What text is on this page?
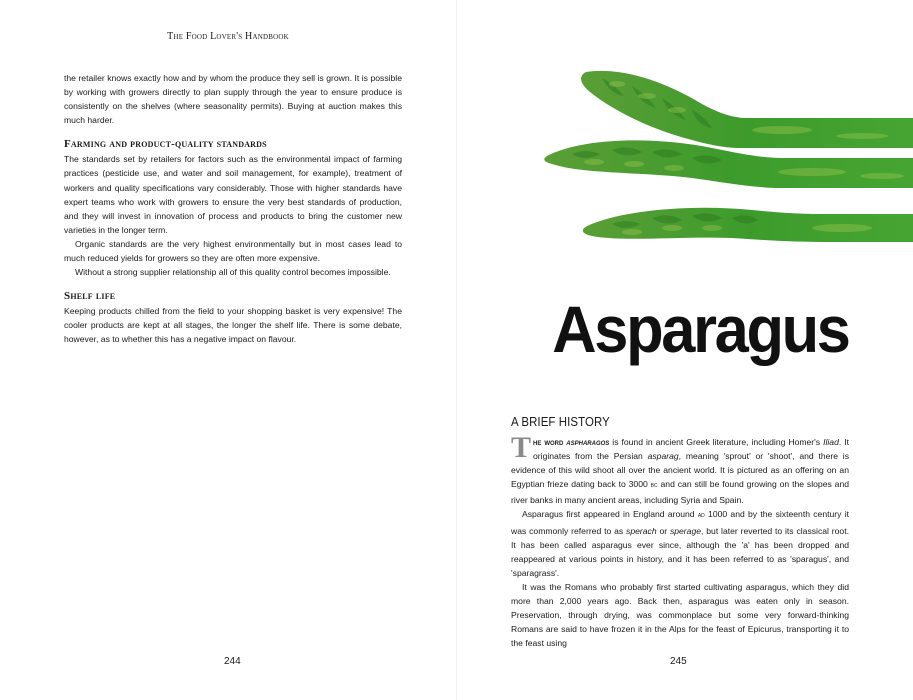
The Food Lover's Handbook

the retailer knows exactly how and by whom the produce they sell is grown. It is possible by working with growers directly to plan supply through the year to ensure produce is consistently on the shelves (where seasonality permits). Buying at auction makes this much harder.

Farming and product-quality standards

The standards set by retailers for factors such as the environmental impact of farming practices (pesticide use, and water and soil management, for example), treatment of workers and quality specifications vary considerably. Those with higher standards have expert teams who work with growers to ensure the very best standards of production, and they will invest in innovation of process and products to bring the customer new varieties in the longer term.

Organic standards are the very highest environmentally but in most cases lead to much reduced yields for growers so they are often more expensive.

Without a strong supplier relationship all of this quality control becomes impossible.

Shelf life

Keeping products chilled from the field to your shopping basket is very expensive! The cooler products are kept at all stages, the longer the shelf life. There is some debate, however, as to whether this has a negative impact on flavour.

244
Asparagus
A BRIEF HISTORY

The word aspharagos is found in ancient Greek literature, including Homer's Iliad. It originates from the Persian asparag, meaning 'sprout' or 'shoot', and there is evidence of this wild shoot all over the ancient world. It is pictured as an offering on an Egyptian frieze dating back to 3000 bc and can still be found growing on the slopes and river banks in many ancient areas, including Syria and Spain.

Asparagus first appeared in England around ad 1000 and by the sixteenth century it was commonly referred to as sperach or sperage, but later reverted to its classical root. It has been called asparagus ever since, although the 'a' has been dropped and reappeared at various points in history, and it has been referred to as 'sparagus', and 'sparagrass'.

It was the Romans who probably first started cultivating asparagus, which they did more than 2,000 years ago. Back then, asparagus was eaten only in season. Preservation, through drying, was commonplace but some very forward-thinking Romans are said to have frozen it in the Alps for the feast of Epicurus, transporting it to the feast using

245
